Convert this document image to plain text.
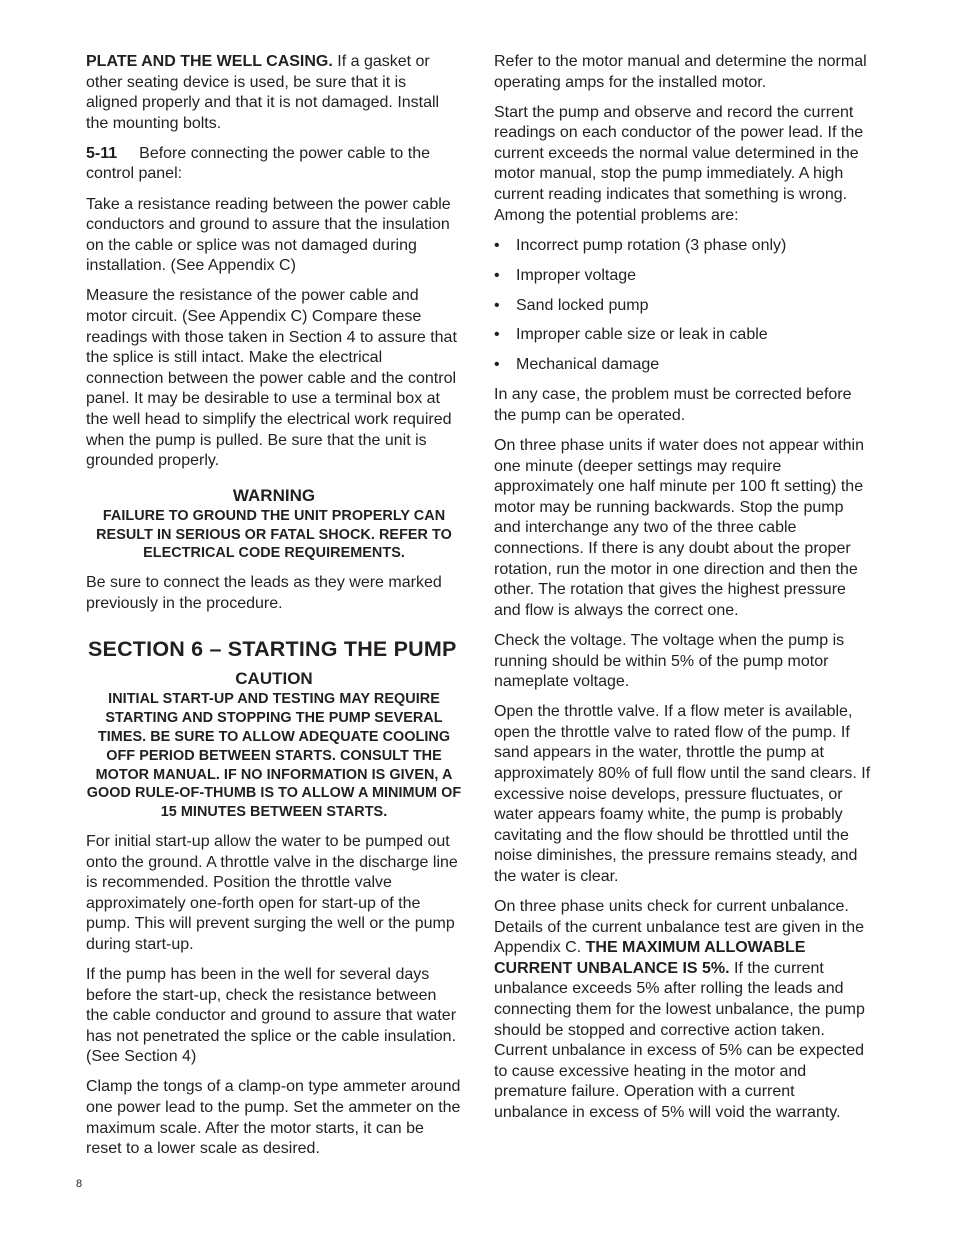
PLATE AND THE WELL CASING. If a gasket or other seating device is used, be sure that it is aligned properly and that it is not damaged. Install the mounting bolts.

5-11 Before connecting the power cable to the control panel:

Take a resistance reading between the power cable conductors and ground to assure that the insulation on the cable or splice was not damaged during installation. (See Appendix C)

Measure the resistance of the power cable and motor circuit. (See Appendix C) Compare these readings with those taken in Section 4 to assure that the splice is still intact. Make the electrical connection between the power cable and the control panel. It may be desirable to use a terminal box at the well head to simplify the electrical work required when the pump is pulled. Be sure that the unit is grounded properly.

WARNING
FAILURE TO GROUND THE UNIT PROPERLY CAN RESULT IN SERIOUS OR FATAL SHOCK. REFER TO ELECTRICAL CODE REQUIREMENTS.

Be sure to connect the leads as they were marked previously in the procedure.

SECTION 6 – STARTING THE PUMP
CAUTION
INITIAL START-UP AND TESTING MAY REQUIRE STARTING AND STOPPING THE PUMP SEVERAL TIMES. BE SURE TO ALLOW ADEQUATE COOLING OFF PERIOD BETWEEN STARTS. CONSULT THE MOTOR MANUAL. IF NO INFORMATION IS GIVEN, A GOOD RULE-OF-THUMB IS TO ALLOW A MINIMUM OF 15 MINUTES BETWEEN STARTS.

For initial start-up allow the water to be pumped out onto the ground. A throttle valve in the discharge line is recommended. Position the throttle valve approximately one-forth open for start-up of the pump. This will prevent surging the well or the pump during start-up.

If the pump has been in the well for several days before the start-up, check the resistance between the cable conductor and ground to assure that water has not penetrated the splice or the cable insulation. (See Section 4)

Clamp the tongs of a clamp-on type ammeter around one power lead to the pump. Set the ammeter on the maximum scale. After the motor starts, it can be reset to a lower scale as desired.

Refer to the motor manual and determine the normal operating amps for the installed motor.

Start the pump and observe and record the current readings on each conductor of the power lead. If the current exceeds the normal value determined in the motor manual, stop the pump immediately. A high current reading indicates that something is wrong. Among the potential problems are:

• Incorrect pump rotation (3 phase only)
• Improper voltage
• Sand locked pump
• Improper cable size or leak in cable
• Mechanical damage

In any case, the problem must be corrected before the pump can be operated.

On three phase units if water does not appear within one minute (deeper settings may require approximately one half minute per 100 ft setting) the motor may be running backwards. Stop the pump and interchange any two of the three cable connections. If there is any doubt about the proper rotation, run the motor in one direction and then the other. The rotation that gives the highest pressure and flow is always the correct one.

Check the voltage. The voltage when the pump is running should be within 5% of the pump motor nameplate voltage.

Open the throttle valve. If a flow meter is available, open the throttle valve to rated flow of the pump. If sand appears in the water, throttle the pump at approximately 80% of full flow until the sand clears. If excessive noise develops, pressure fluctuates, or water appears foamy white, the pump is probably cavitating and the flow should be throttled until the noise diminishes, the pressure remains steady, and the water is clear.

On three phase units check for current unbalance. Details of the current unbalance test are given in the Appendix C. THE MAXIMUM ALLOWABLE CURRENT UNBALANCE IS 5%. If the current unbalance exceeds 5% after rolling the leads and connecting them for the lowest unbalance, the pump should be stopped and corrective action taken. Current unbalance in excess of 5% can be expected to cause excessive heating in the motor and premature failure. Operation with a current unbalance in excess of 5% will void the warranty.

8
